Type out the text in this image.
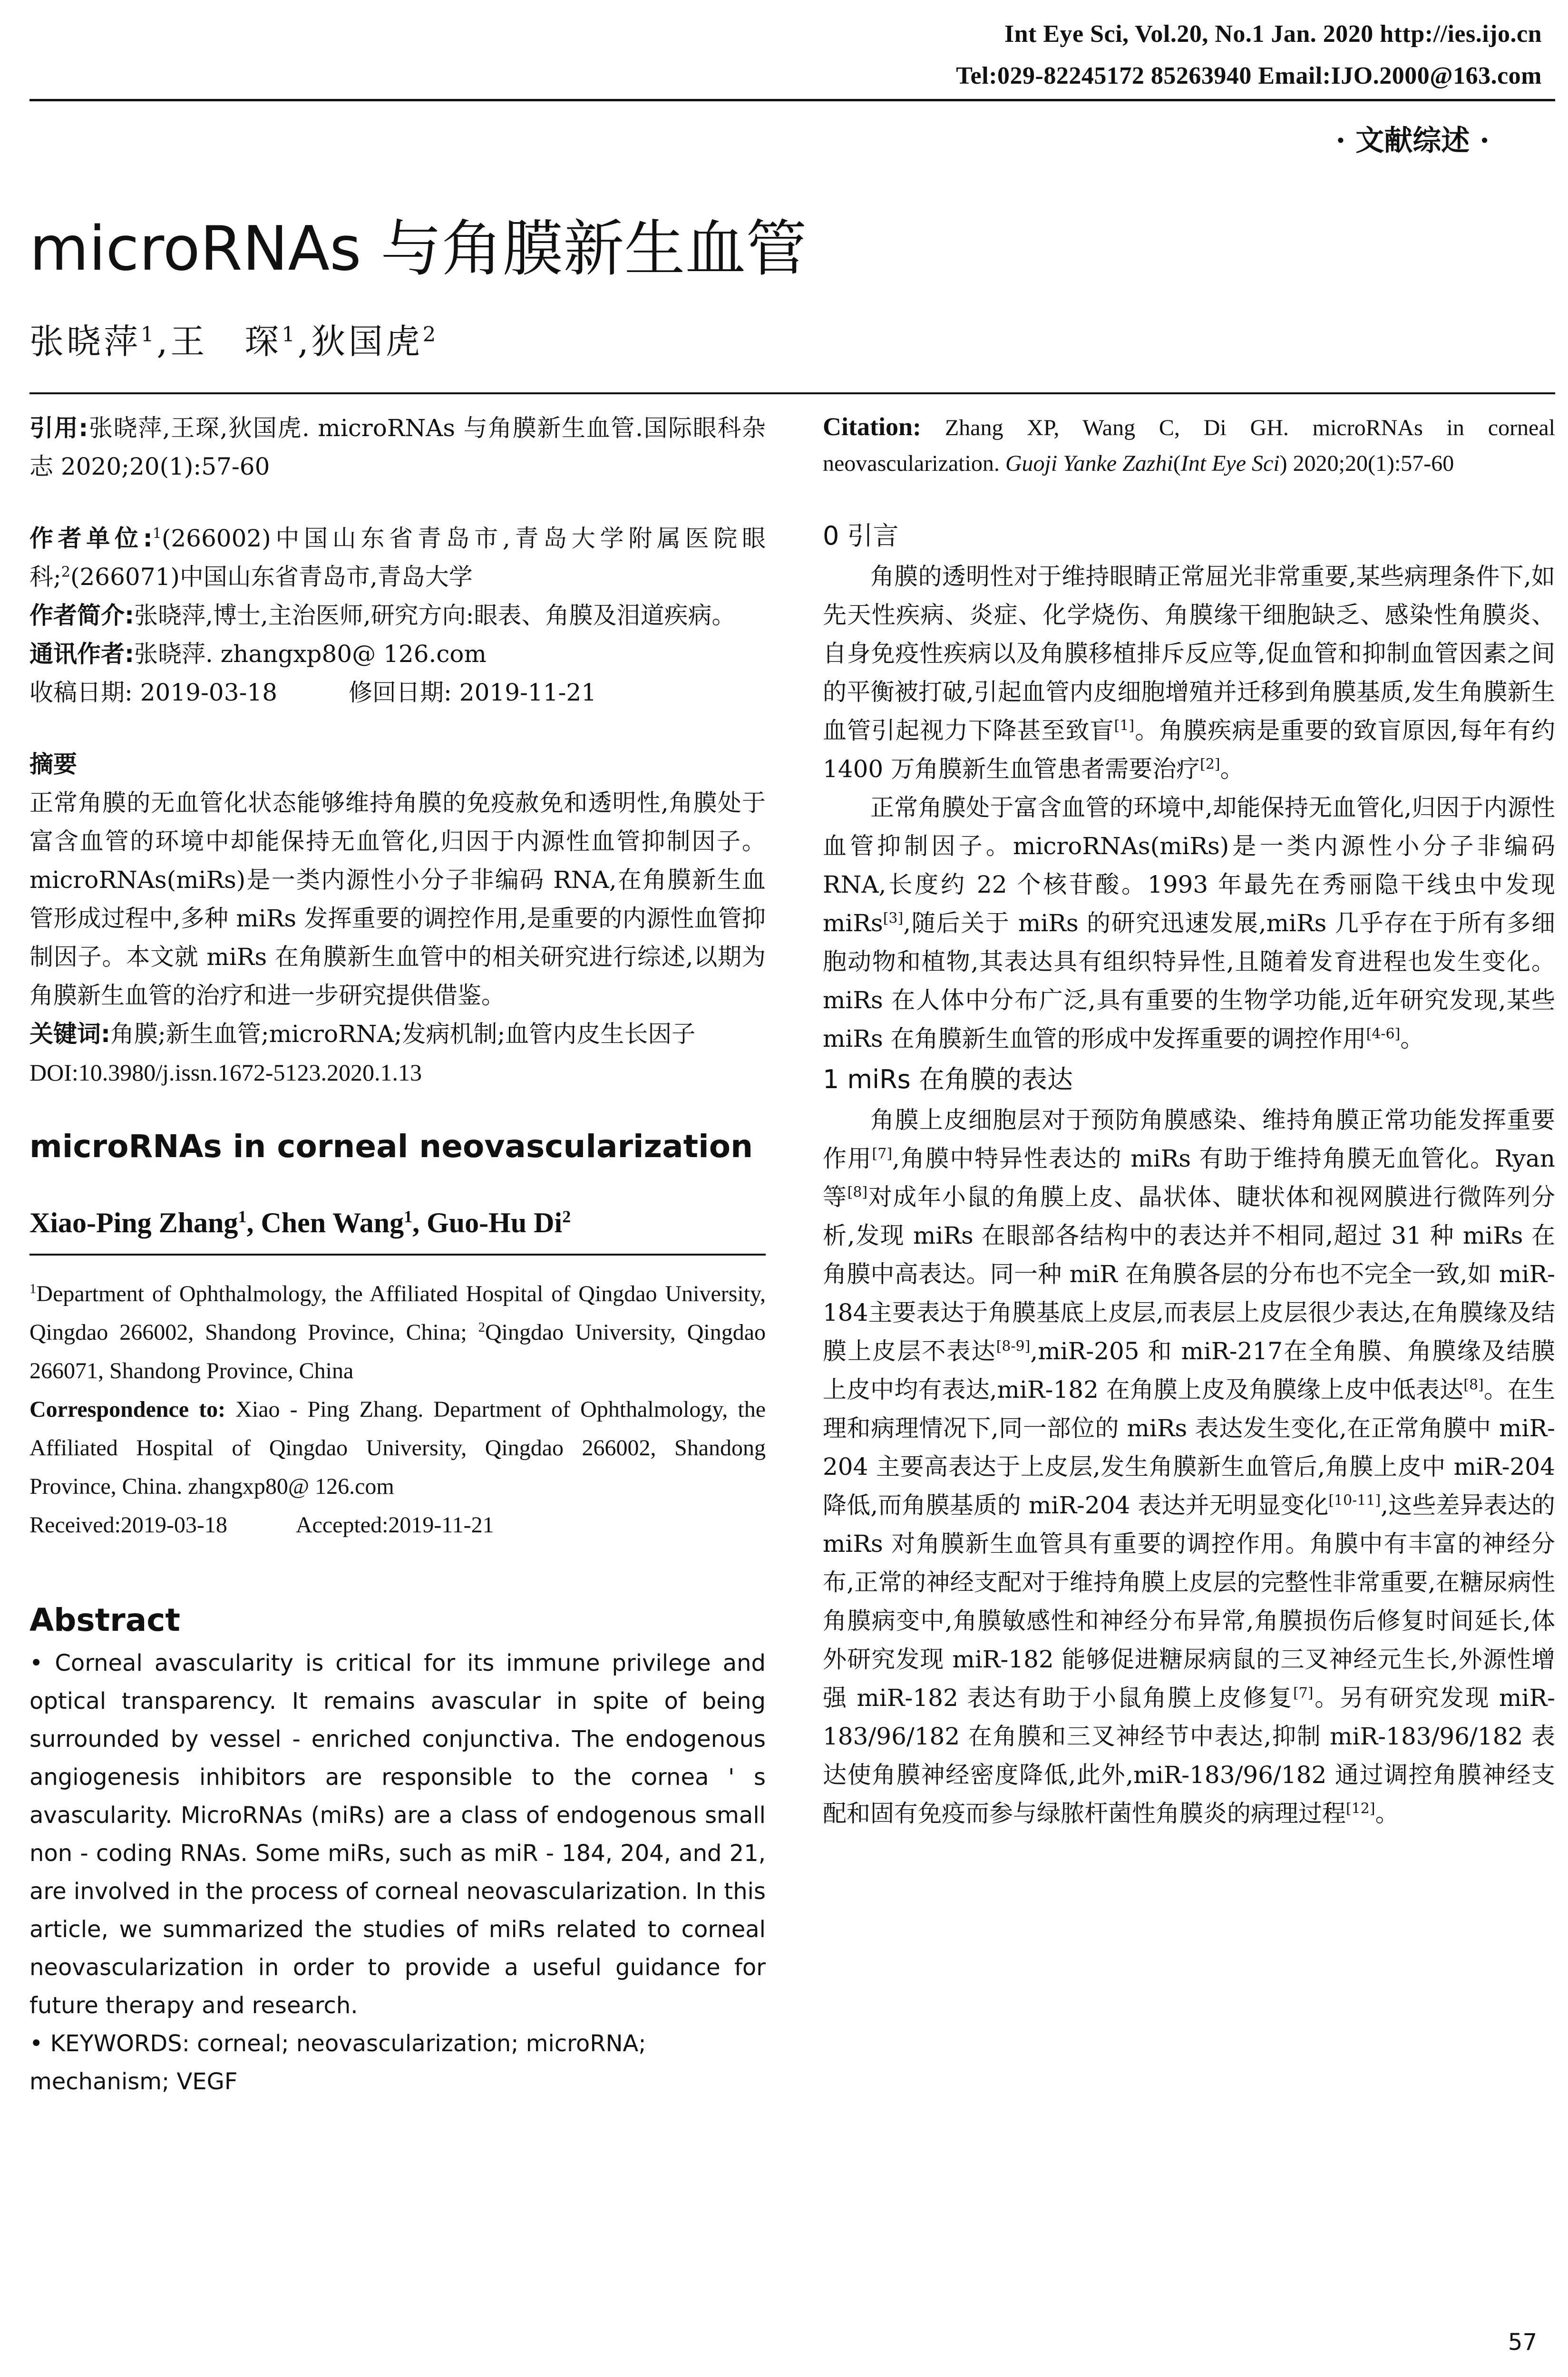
Int Eye Sci, Vol.20, No.1 Jan. 2020 http://ies.ijo.cn
Tel:029-82245172 85263940 Email:IJO.2000@163.com
· 文献综述 ·
microRNAs 与角膜新生血管
张晓萍$^1$,王　琛$^1$,狄国虎$^2$

引用:张晓萍,王琛,狄国虎. microRNAs 与角膜新生血管.国际眼科杂志 2020;20(1):57-60

作者单位:$^1$(266002)中国山东省青岛市,青岛大学附属医院眼科;$^2$(266071)中国山东省青岛市,青岛大学

作者简介:张晓萍,博士,主治医师,研究方向:眼表、角膜及泪道疾病。

通讯作者:张晓萍. zhangxp80@ 126.com

收稿日期: 2019-03-18　　　修回日期: 2019-11-21

摘要

正常角膜的无血管化状态能够维持角膜的免疫赦免和透明性,角膜处于富含血管的环境中却能保持无血管化,归因于内源性血管抑制因子。microRNAs(miRs)是一类内源性小分子非编码 RNA,在角膜新生血管形成过程中,多种 miRs 发挥重要的调控作用,是重要的内源性血管抑制因子。本文就 miRs 在角膜新生血管中的相关研究进行综述,以期为角膜新生血管的治疗和进一步研究提供借鉴。

关键词:角膜;新生血管;microRNA;发病机制;血管内皮生长因子

DOI:10.3980/j.issn.1672-5123.2020.1.13

microRNAs in corneal neovascularization

Xiao-Ping Zhang$^1$, Chen Wang$^1$, Guo-Hu Di$^2$

$^1$Department of Ophthalmology, the Affiliated Hospital of Qingdao University, Qingdao 266002, Shandong Province, China; $^2$Qingdao University, Qingdao 266071, Shandong Province, China

Correspondence to: Xiao - Ping Zhang. Department of Ophthalmology, the Affiliated Hospital of Qingdao University, Qingdao 266002, Shandong Province, China. zhangxp80@ 126.com

Received:2019-03-18　　　Accepted:2019-11-21

Abstract

• Corneal avascularity is critical for its immune privilege and optical transparency. It remains avascular in spite of being surrounded by vessel - enriched conjunctiva. The endogenous angiogenesis inhibitors are responsible to the cornea ' s avascularity. MicroRNAs (miRs) are a class of endogenous small non - coding RNAs. Some miRs, such as miR - 184, 204, and 21, are involved in the process of corneal neovascularization. In this article, we summarized the studies of miRs related to corneal neovascularization in order to provide a useful guidance for future therapy and research.

• KEYWORDS: corneal; neovascularization; microRNA; mechanism; VEGF

Citation: Zhang XP, Wang C, Di GH. microRNAs in corneal neovascularization. Guoji Yanke Zazhi(Int Eye Sci) 2020;20(1):57-60

0 引言

角膜的透明性对于维持眼睛正常屈光非常重要,某些病理条件下,如先天性疾病、炎症、化学烧伤、角膜缘干细胞缺乏、感染性角膜炎、自身免疫性疾病以及角膜移植排斥反应等,促血管和抑制血管因素之间的平衡被打破,引起血管内皮细胞增殖并迁移到角膜基质,发生角膜新生血管引起视力下降甚至致盲[1]。角膜疾病是重要的致盲原因,每年有约 1400 万角膜新生血管患者需要治疗[2]。

正常角膜处于富含血管的环境中,却能保持无血管化,归因于内源性血管抑制因子。microRNAs(miRs)是一类内源性小分子非编码 RNA,长度约 22 个核苷酸。1993 年最先在秀丽隐干线虫中发现 miRs[3],随后关于 miRs 的研究迅速发展,miRs 几乎存在于所有多细胞动物和植物,其表达具有组织特异性,且随着发育进程也发生变化。miRs 在人体中分布广泛,具有重要的生物学功能,近年研究发现,某些 miRs 在角膜新生血管的形成中发挥重要的调控作用[4-6]。

1 miRs 在角膜的表达

角膜上皮细胞层对于预防角膜感染、维持角膜正常功能发挥重要作用[7],角膜中特异性表达的 miRs 有助于维持角膜无血管化。Ryan 等[8]对成年小鼠的角膜上皮、晶状体、睫状体和视网膜进行微阵列分析,发现 miRs 在眼部各结构中的表达并不相同,超过 31 种 miRs 在角膜中高表达。同一种 miR 在角膜各层的分布也不完全一致,如 miR-184主要表达于角膜基底上皮层,而表层上皮层很少表达,在角膜缘及结膜上皮层不表达[8-9],miR-205 和 miR-217在全角膜、角膜缘及结膜上皮中均有表达,miR-182 在角膜上皮及角膜缘上皮中低表达[8]。在生理和病理情况下,同一部位的 miRs 表达发生变化,在正常角膜中 miR-204 主要高表达于上皮层,发生角膜新生血管后,角膜上皮中 miR-204 降低,而角膜基质的 miR-204 表达并无明显变化[10-11],这些差异表达的 miRs 对角膜新生血管具有重要的调控作用。角膜中有丰富的神经分布,正常的神经支配对于维持角膜上皮层的完整性非常重要,在糖尿病性角膜病变中,角膜敏感性和神经分布异常,角膜损伤后修复时间延长,体外研究发现 miR-182 能够促进糖尿病鼠的三叉神经元生长,外源性增强 miR-182 表达有助于小鼠角膜上皮修复[7]。另有研究发现 miR-183/96/182 在角膜和三叉神经节中表达,抑制 miR-183/96/182 表达使角膜神经密度降低,此外,miR-183/96/182 通过调控角膜神经支配和固有免疫而参与绿脓杆菌性角膜炎的病理过程[12]。

57
